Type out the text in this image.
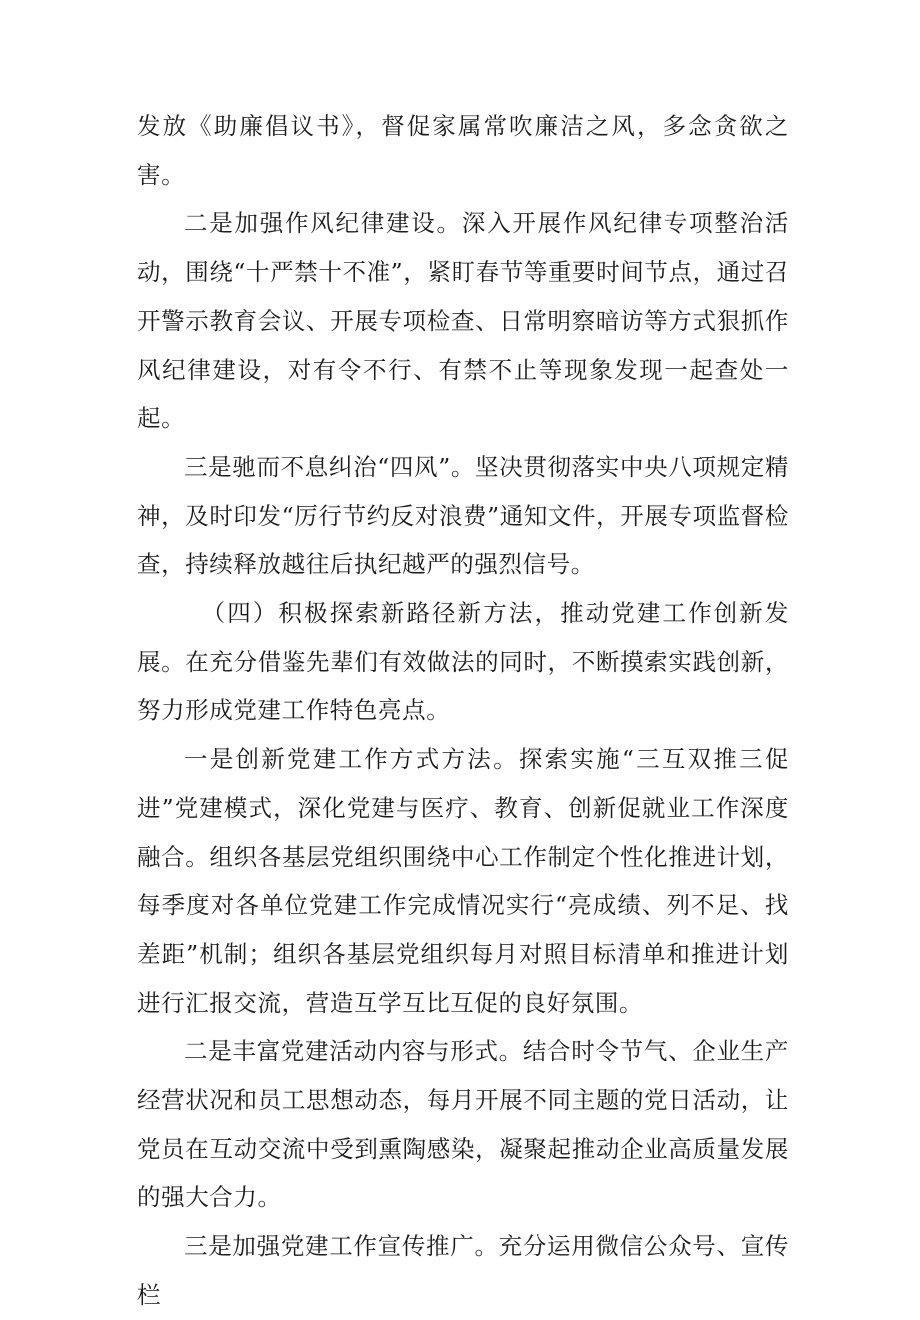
发放《助廉倡议书》，督促家属常吹廉洁之风，多念贪欲之害。

二是加强作风纪律建设。深入开展作风纪律专项整治活动，围绕“十严禁十不准”，紧盯春节等重要时间节点，通过召开警示教育会议、开展专项检查、日常明察暗访等方式狠抓作风纪律建设，对有令不行、有禁不止等现象发现一起查处一起。

三是驰而不息纠治“四风”。坚决贯彻落实中央八项规定精神，及时印发“厉行节约反对浪费”通知文件，开展专项监督检查，持续释放越往后执纪越严的强烈信号。

（四）积极探索新路径新方法，推动党建工作创新发展。在充分借鉴先辈们有效做法的同时，不断摸索实践创新，努力形成党建工作特色亮点。

一是创新党建工作方式方法。探索实施“三互双推三促进”党建模式，深化党建与医疗、教育、创新促就业工作深度融合。组织各基层党组织围绕中心工作制定个性化推进计划，每季度对各单位党建工作完成情况实行“亮成绩、列不足、找差距”机制；组织各基层党组织每月对照目标清单和推进计划进行汇报交流，营造互学互比互促的良好氛围。

二是丰富党建活动内容与形式。结合时令节气、企业生产经营状况和员工思想动态，每月开展不同主题的党日活动，让党员在互动交流中受到熏陶感染，凝聚起推动企业高质量发展的强大合力。

三是加强党建工作宣传推广。充分运用微信公众号、宣传栏
